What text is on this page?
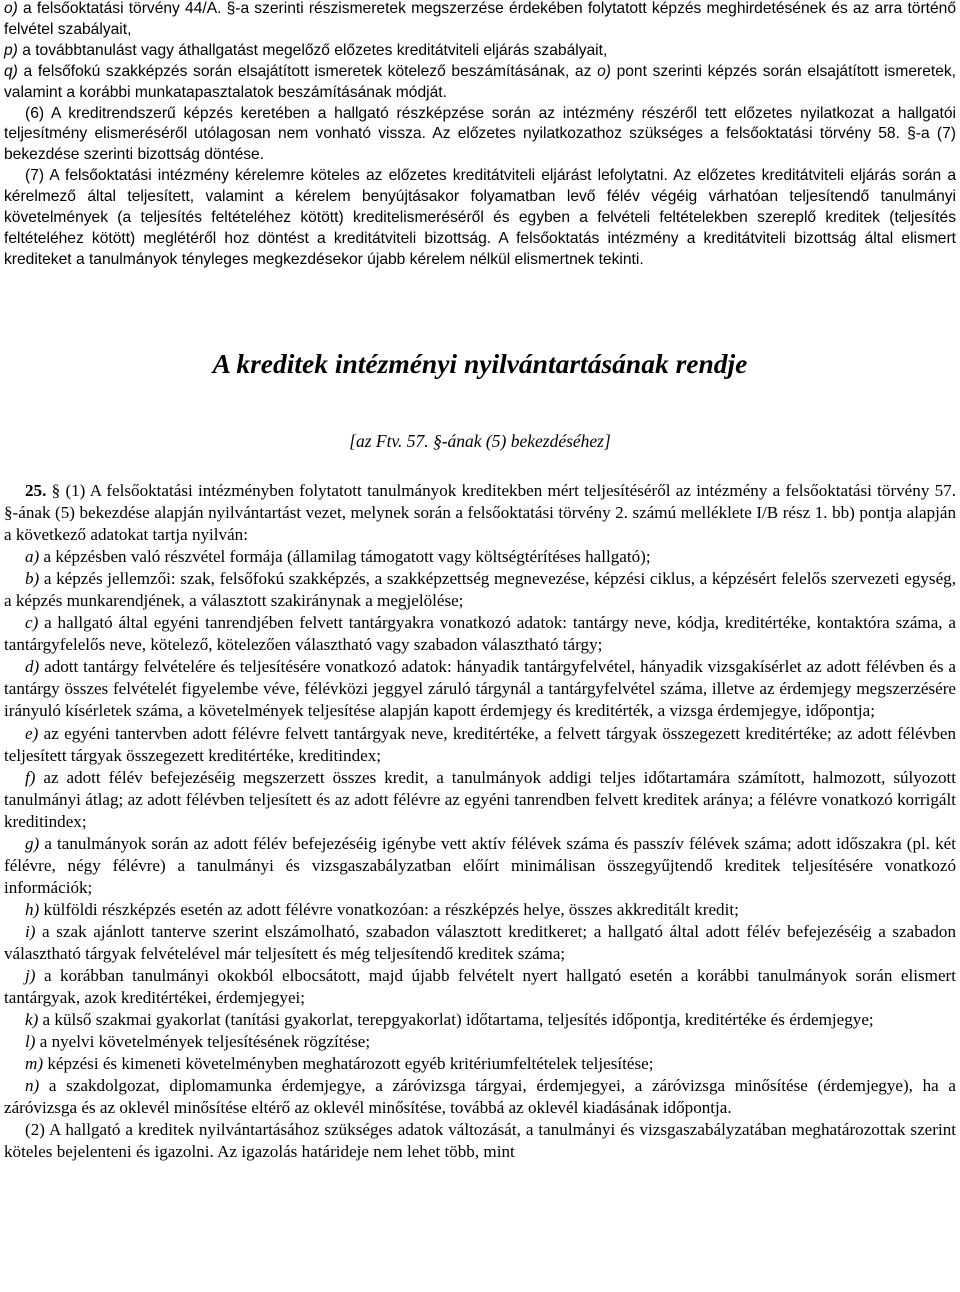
o) a felsőoktatási törvény 44/A. §-a szerinti részismeretek megszerzése érdekében folytatott képzés meghirdetésének és az arra történő felvétel szabályait,

p) a továbbtanulást vagy áthallgatást megelőző előzetes kreditátviteli eljárás szabályait,

q) a felsőfokú szakképzés során elsajátított ismeretek kötelező beszámításának, az o) pont szerinti képzés során elsajátított ismeretek, valamint a korábbi munkatapasztalatok beszámításának módját.

(6) A kreditrendszerű képzés keretében a hallgató részképzése során az intézmény részéről tett előzetes nyilatkozat a hallgatói teljesítmény elismeréséről utólagosan nem vonható vissza. Az előzetes nyilatkozathoz szükséges a felsőoktatási törvény 58. §-a (7) bekezdése szerinti bizottság döntése.

(7) A felsőoktatási intézmény kérelemre köteles az előzetes kreditátviteli eljárást lefolytatni. Az előzetes kreditátviteli eljárás során a kérelmező által teljesített, valamint a kérelem benyújtásakor folyamatban levő félév végéig várhatóan teljesítendő tanulmányi követelmények (a teljesítés feltételéhez kötött) kreditelismeréséről és egyben a felvételi feltételekben szereplő kreditek (teljesítés feltételéhez kötött) meglétéről hoz döntést a kreditátviteli bizottság. A felsőoktatás intézmény a kreditátviteli bizottság által elismert krediteket a tanulmányok tényleges megkezdésekor újabb kérelem nélkül elismertnek tekinti.

A kreditek intézményi nyilvántartásának rendje

[az Ftv. 57. §-ának (5) bekezdéséhez]

25. § (1) A felsőoktatási intézményben folytatott tanulmányok kreditekben mért teljesítéséről az intézmény a felsőoktatási törvény 57. §-ának (5) bekezdése alapján nyilvántartást vezet, melynek során a felsőoktatási törvény 2. számú melléklete I/B rész 1. bb) pontja alapján a következő adatokat tartja nyilván:

a) a képzésben való részvétel formája (államilag támogatott vagy költségtérítéses hallgató);

b) a képzés jellemzői: szak, felsőfokú szakképzés, a szakképzettség megnevezése, képzési ciklus, a képzésért felelős szervezeti egység, a képzés munkarendjének, a választott szakiránynak a megjelölése;

c) a hallgató által egyéni tanrendjében felvett tantárgyakra vonatkozó adatok: tantárgy neve, kódja, kreditértéke, kontaktóra száma, a tantárgyfelelős neve, kötelező, kötelezően választható vagy szabadon választható tárgy;

d) adott tantárgy felvételére és teljesítésére vonatkozó adatok: hányadik tantárgyfelvétel, hányadik vizsgakísérlet az adott félévben és a tantárgy összes felvételét figyelembe véve, félévközi jeggyel záruló tárgynál a tantárgyfelvétel száma, illetve az érdemjegy megszerzésére irányuló kísérletek száma, a követelmények teljesítése alapján kapott érdemjegy és kreditérték, a vizsga érdemjegye, időpontja;

e) az egyéni tantervben adott félévre felvett tantárgyak neve, kreditértéke, a felvett tárgyak összegezett kreditértéke; az adott félévben teljesített tárgyak összegezett kreditértéke, kreditindex;

f) az adott félév befejezéséig megszerzett összes kredit, a tanulmányok addigi teljes időtartamára számított, halmozott, súlyozott tanulmányi átlag; az adott félévben teljesített és az adott félévre az egyéni tanrendben felvett kreditek aránya; a félévre vonatkozó korrigált kreditindex;

g) a tanulmányok során az adott félév befejezéséig igénybe vett aktív félévek száma és passzív félévek száma; adott időszakra (pl. két félévre, négy félévre) a tanulmányi és vizsgaszabályzatban előírt minimálisan összegyűjtendő kreditek teljesítésére vonatkozó információk;

h) külföldi részképzés esetén az adott félévre vonatkozóan: a részképzés helye, összes akkreditált kredit;

i) a szak ajánlott tanterve szerint elszámolható, szabadon választott kreditkeret; a hallgató által adott félév befejezéséig a szabadon választható tárgyak felvételével már teljesített és még teljesítendő kreditek száma;

j) a korábban tanulmányi okokból elbocsátott, majd újabb felvételt nyert hallgató esetén a korábbi tanulmányok során elismert tantárgyak, azok kreditértékei, érdemjegyei;

k) a külső szakmai gyakorlat (tanítási gyakorlat, terepgyakorlat) időtartama, teljesítés időpontja, kreditértéke és érdemjegye;

l) a nyelvi követelmények teljesítésének rögzítése;

m) képzési és kimeneti követelményben meghatározott egyéb kritériumfeltételek teljesítése;

n) a szakdolgozat, diplomamunka érdemjegye, a záróvizsga tárgyai, érdemjegyei, a záróvizsga minősítése (érdemjegye), ha a záróvizsga és az oklevél minősítése eltérő az oklevél minősítése, továbbá az oklevél kiadásának időpontja.

(2) A hallgató a kreditek nyilvántartásához szükséges adatok változását, a tanulmányi és vizsgaszabályzatában meghatározottak szerint köteles bejelenteni és igazolni. Az igazolás határideje nem lehet több, mint
